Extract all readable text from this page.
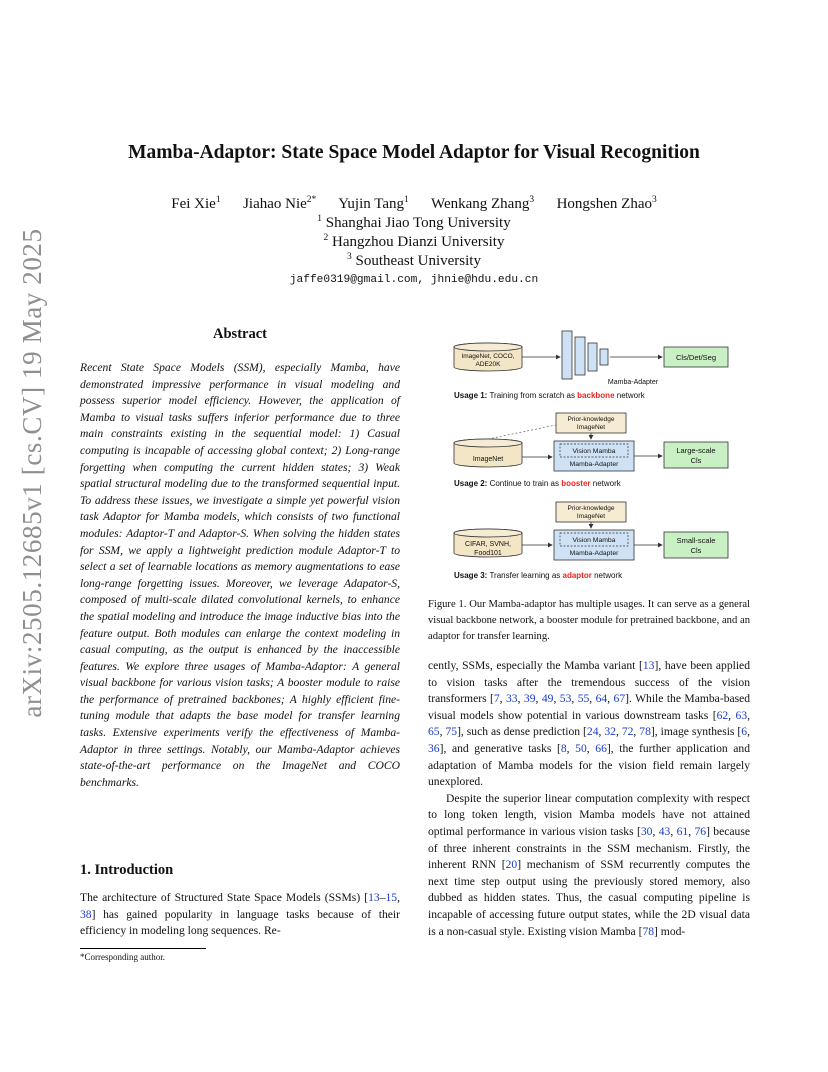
arXiv:2505.12685v1 [cs.CV] 19 May 2025
Mamba-Adaptor: State Space Model Adaptor for Visual Recognition
Fei Xie$^1$ Jiahao Nie$^{2*}$ Yujin Tang$^1$ Wenkang Zhang$^3$ Hongshen Zhao$^3$
$^1$ Shanghai Jiao Tong University
$^2$ Hangzhou Dianzi University
$^3$ Southeast University
jaffe0319@gmail.com, jhnie@hdu.edu.cn
Abstract
Recent State Space Models (SSM), especially Mamba, have demonstrated impressive performance in visual modeling and possess superior model efficiency. However, the application of Mamba to visual tasks suffers inferior performance due to three main constraints existing in the sequential model: 1) Casual computing is incapable of accessing global context; 2) Long-range forgetting when computing the current hidden states; 3) Weak spatial structural modeling due to the transformed sequential input. To address these issues, we investigate a simple yet powerful vision task Adaptor for Mamba models, which consists of two functional modules: Adaptor-T and Adaptor-S. When solving the hidden states for SSM, we apply a lightweight prediction module Adaptor-T to select a set of learnable locations as memory augmentations to ease long-range forgetting issues. Moreover, we leverage Adapator-S, composed of multi-scale dilated convolutional kernels, to enhance the spatial modeling and introduce the image inductive bias into the feature output. Both modules can enlarge the context modeling in casual computing, as the output is enhanced by the inaccessible features. We explore three usages of Mamba-Adaptor: A general visual backbone for various vision tasks; A booster module to raise the performance of pretrained backbones; A highly efficient fine-tuning module that adapts the base model for transfer learning tasks. Extensive experiments verify the effectiveness of Mamba-Adaptor in three settings. Notably, our Mamba-Adaptor achieves state-of-the-art performance on the ImageNet and COCO benchmarks.
1. Introduction
The architecture of Structured State Space Models (SSMs) [13–15, 38] has gained popularity in language tasks because of their efficiency in modeling long sequences. Re-
*Corresponding author.
ImageNet, COCO,
ADE20K
Cls/Det/Seg
Mamba-Adapter
Usage 1: Training from scratch as backbone network
Prior-knowledge
ImageNet
ImageNet
Vision Mamba
Mamba-Adapter
Large-scale
Cls
Usage 2: Continue to train as booster network
Prior-knowledge
ImageNet
CIFAR, SVNH,
Food101
Vision Mamba
Mamba-Adapter
Small-scale
Cls
Usage 3: Transfer learning as adaptor network
Figure 1. Our Mamba-adaptor has multiple usages. It can serve as a general visual backbone network, a booster module for pretrained backbone, and an adaptor for transfer learning.

cently, SSMs, especially the Mamba variant [13], have been applied to vision tasks after the tremendous success of the vision transformers [7, 33, 39, 49, 53, 55, 64, 67]. While the Mamba-based visual models show potential in various downstream tasks [62, 63, 65, 75], such as dense prediction [24, 32, 72, 78], image synthesis [6, 36], and generative tasks [8, 50, 66], the further application and adaptation of Mamba models for the vision field remain largely unexplored.

Despite the superior linear computation complexity with respect to long token length, vision Mamba models have not attained optimal performance in various vision tasks [30, 43, 61, 76] because of three inherent constraints in the SSM mechanism. Firstly, the inherent RNN [20] mechanism of SSM recurrently computes the next time step output using the previously stored memory, also dubbed as hidden states. Thus, the casual computing pipeline is incapable of accessing future output states, while the 2D visual data is a non-casual style. Existing vision Mamba [78] mod-
